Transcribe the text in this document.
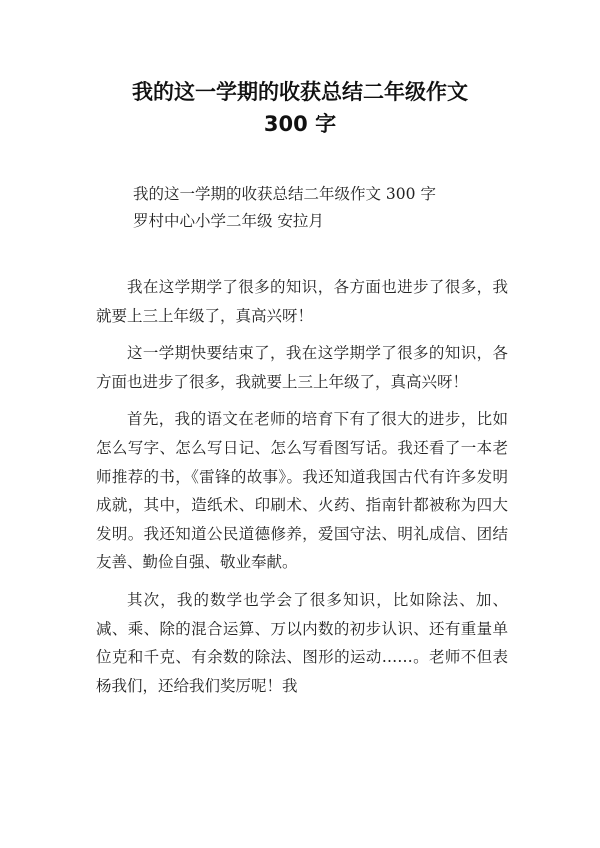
我的这一学期的收获总结二年级作文
300 字
我的这一学期的收获总结二年级作文 300 字
罗村中心小学二年级 安拉月

我在这学期学了很多的知识，各方面也进步了很多，我就要上三上年级了，真高兴呀！

这一学期快要结束了，我在这学期学了很多的知识，各方面也进步了很多，我就要上三上年级了，真高兴呀！

首先，我的语文在老师的培育下有了很大的进步，比如怎么写字、怎么写日记、怎么写看图写话。我还看了一本老师推荐的书，《雷锋的故事》。我还知道我国古代有许多发明成就，其中，造纸术、印刷术、火药、指南针都被称为四大发明。我还知道公民道德修养，爱国守法、明礼成信、团结友善、勤俭自强、敬业奉献。

其次，我的数学也学会了很多知识，比如除法、加、减、乘、除的混合运算、万以内数的初步认识、还有重量单位克和千克、有余数的除法、图形的运动……。老师不但表杨我们，还给我们奖厉呢！我
